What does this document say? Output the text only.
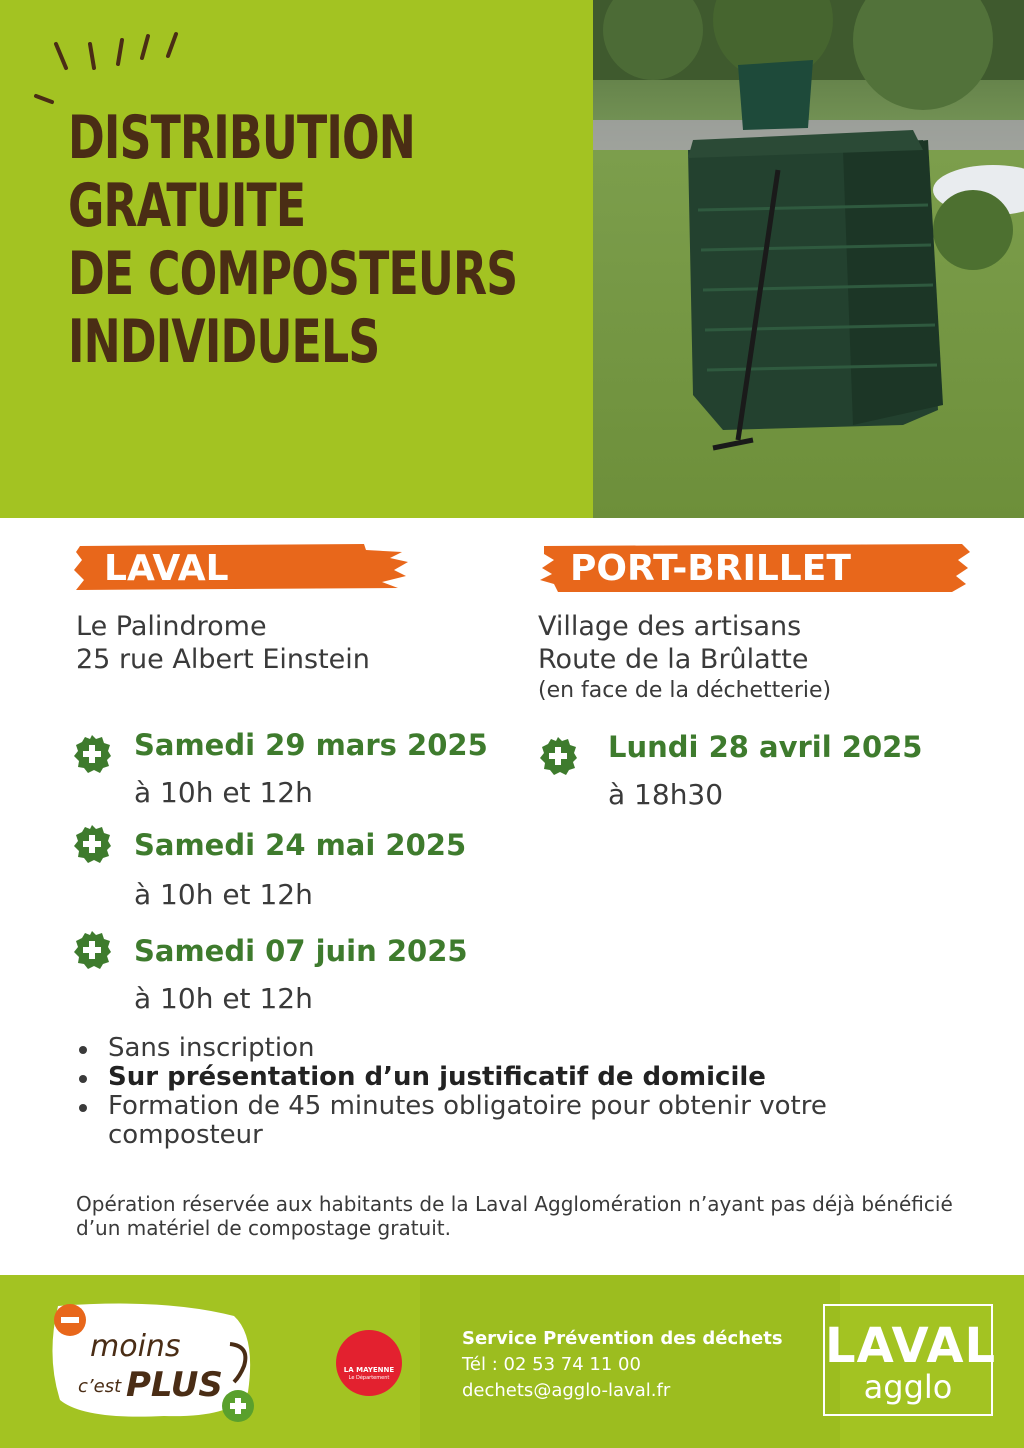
DISTRIBUTION
GRATUITE
DE COMPOSTEURS
INDIVIDUELS
LAVAL	PORT-BRILLET
Le Palindrome
25 rue Albert Einstein
Village des artisans
Route de la Brûlatte
(en face de la déchetterie)
Samedi 29 mars 2025
à 10h et 12h
Samedi 24 mai 2025
à 10h et 12h
Samedi 07 juin 2025
à 10h et 12h
Lundi 28 avril 2025
à 18h30
Sans inscription
Sur présentation d’un justificatif de domicile
Formation de 45 minutes obligatoire pour obtenir votre composteur
Opération réservée aux habitants de la Laval Agglomération n’ayant pas déjà bénéficié d’un matériel de compostage gratuit.
moins
c’est PLUS	LA MAYENNE
Le Département
Service Prévention des déchets
Tél : 02 53 74 11 00
dechets@agglo-laval.fr
LAVAL
agglo
